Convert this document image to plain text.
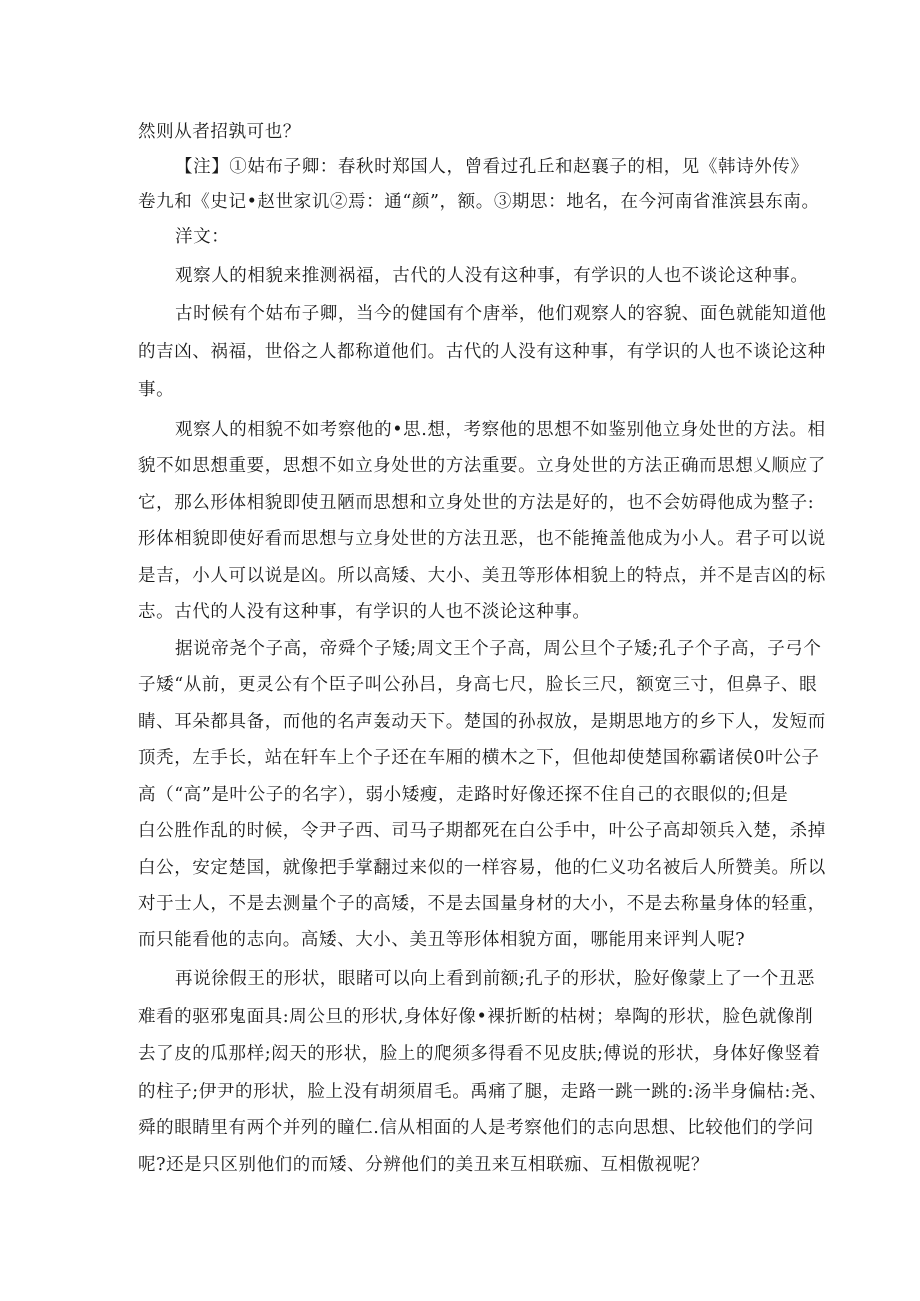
然则从者招孰可也？
【注】①姑布子卿：春秋时郑国人，曾看过孔丘和赵襄子的相，见《韩诗外传》
卷九和《史记•赵世家讥②焉：通“颜”，额。③期思：地名，在今河南省淮滨县东南。
洋文：
观察人的相貌来推测祸福，古代的人没有这种事，有学识的人也不谈论这种事。
古时候有个姑布子卿，当今的健国有个唐举，他们观察人的容貌、面色就能知道他
的吉凶、祸福，世俗之人都称道他们。古代的人没有这种事，有学识的人也不谈论这种
事。
观察人的相貌不如考察他的•思.想，考察他的思想不如鉴别他立身处世的方法。相
貌不如思想重要，思想不如立身处世的方法重要。立身处世的方法正确而思想乂顺应了
它，那么形体相貌即使丑陋而思想和立身处世的方法是好的，也不会妨碍他成为整子:
形体相貌即使好看而思想与立身处世的方法丑恶，也不能掩盖他成为小人。君子可以说
是吉，小人可以说是凶。所以高矮、大小、美丑等形体相貌上的特点，并不是吉凶的标
志。古代的人没有这种事，有学识的人也不淡论这种事。
据说帝尧个子高，帝舜个子矮;周文王个子高，周公旦个子矮;孔子个子高，子弓个
子矮“从前，更灵公有个臣子叫公孙吕，身高七尺，脸长三尺，额宽三寸，但鼻子、眼
睛、耳朵都具备，而他的名声轰动天下。楚国的孙叔放，是期思地方的乡下人，发短而
顶秃，左手长，站在轩车上个子还在车厢的横木之下，但他却使楚国称霸诸侯0叶公子
高（“高”是叶公子的名字），弱小矮瘦，走路时好像还探不住自己的衣眼似的;但是
白公胜作乱的时候，令尹子西、司马子期都死在白公手中，叶公子高却领兵入楚，杀掉
白公，安定楚国，就像把手掌翻过来似的一样容易，他的仁义功名被后人所赞美。所以
对于士人，不是去测量个子的高矮，不是去国量身材的大小，不是去称量身体的轻重，
而只能看他的志向。高矮、大小、美丑等形体相貌方面，哪能用来评判人呢?
再说徐假王的形状，眼睹可以向上看到前额;孔子的形状，脸好像蒙上了一个丑恶
难看的驱邪鬼面具:周公旦的形状,身体好像•裸折断的枯树；皋陶的形状，脸色就像削
去了皮的瓜那样;闳天的形状，脸上的爬须多得看不见皮肤;傅说的形状，身体好像竖着
的柱子;伊尹的形状，脸上没有胡须眉毛。禹痛了腿，走路一跳一跳的:汤半身偏枯:尧、
舜的眼睛里有两个并列的瞳仁.信从相面的人是考察他们的志向思想、比较他们的学问
呢?还是只区别他们的而矮、分辨他们的美丑来互相联痂、互相傲视呢？
